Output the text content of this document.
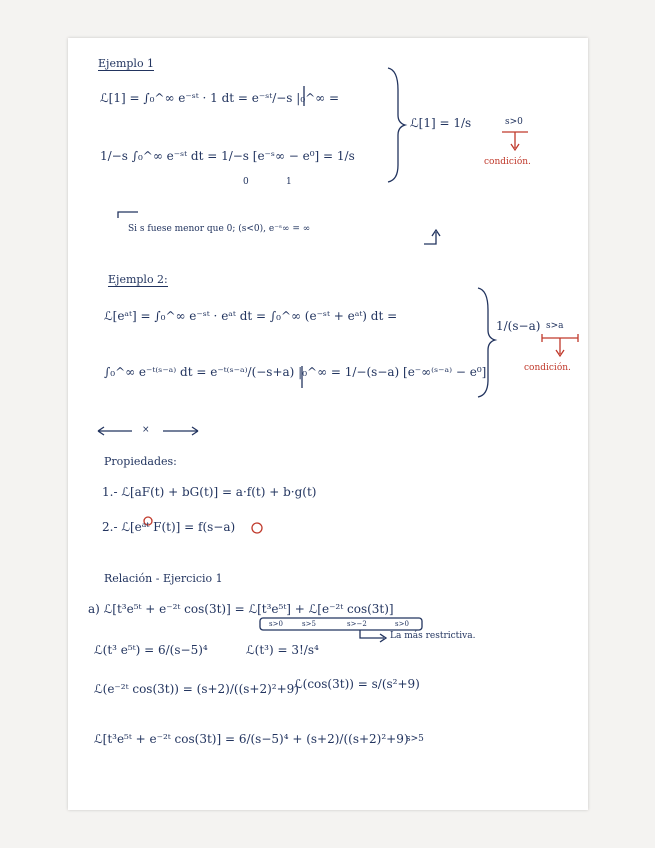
Ejemplo 1
ℒ[1] = ∫₀^∞ e⁻ˢᵗ · 1 dt = e⁻ˢᵗ/−s |₀^∞ =
1/−s ∫₀^∞ e⁻ˢᵗ dt = 1/−s [e⁻ˢ∞ − e⁰] = 1/s
0	1
ℒ[1] = 1/s	s>0
condición.
Si s fuese menor que 0; (s<0), e⁻ˢ∞ = ∞
Ejemplo 2:
ℒ[eᵃᵗ] = ∫₀^∞ e⁻ˢᵗ · eᵃᵗ dt = ∫₀^∞ (e⁻ˢᵗ + eᵃᵗ) dt =
∫₀^∞ e⁻ᵗ⁽ˢ⁻ᵃ⁾ dt = e⁻ᵗ⁽ˢ⁻ᵃ⁾/(−s+a) |₀^∞ = 1/−(s−a) [e⁻∞⁽ˢ⁻ᵃ⁾ − e⁰]
1/(s−a) s>a
condición.
×
Propiedades:
1.- ℒ[aF(t) + bG(t)] = a·f(t) + b·g(t)
2.- ℒ[eᵃᵗ F(t)] = f(s−a)
Relación - Ejercicio 1
a) ℒ[t³e⁵ᵗ + e⁻²ᵗ cos(3t)] = ℒ[t³e⁵ᵗ] + ℒ[e⁻²ᵗ cos(3t)]
s>0	s>5	s>−2	s>0
La más restrictiva.
ℒ(t³ e⁵ᵗ) = 6/(s−5)⁴	ℒ(t³) = 3!/s⁴
ℒ(e⁻²ᵗ cos(3t)) = (s+2)/((s+2)²+9)
ℒ(cos(3t)) = s/(s²+9)
ℒ[t³e⁵ᵗ + e⁻²ᵗ cos(3t)] = 6/(s−5)⁴ + (s+2)/((s+2)²+9)
s>5
